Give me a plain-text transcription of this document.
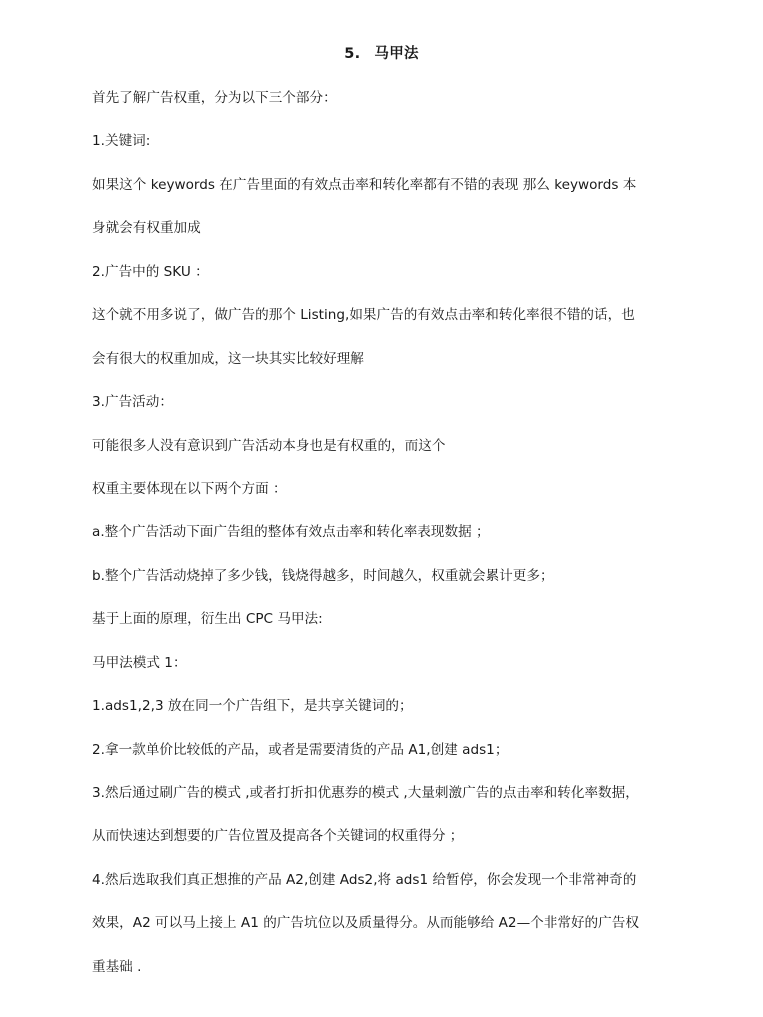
5. 马甲法
首先了解广告权重，分为以下三个部分：
1.关键词:
如果这个 keywords 在广告里面的有效点击率和转化率都有不错的表现 那么 keywords 本
身就会有权重加成
2.广告中的 SKU ：
这个就不用多说了，做广告的那个 Listing,如果广告的有效点击率和转化率很不错的话，也
会有很大的权重加成，这一块其实比较好理解
3.广告活动：
可能很多人没有意识到广告活动本身也是有权重的，而这个
权重主要体现在以下两个方面 ：
a.整个广告活动下面广告组的整体有效点击率和转化率表现数据 ；
b.整个广告活动烧掉了多少钱，钱烧得越多，时间越久，权重就会累计更多；
基于上面的原理，衍生出 CPC 马甲法:
马甲法模式 1：
1.ads1,2,3 放在同一个广告组下，是共享关键词的；
2.拿一款单价比较低的产品，或者是需要清货的产品 A1,创建 ads1；
3.然后通过刷广告的模式 ,或者打折扣优惠券的模式 ,大量刺激广告的点击率和转化率数据，
从而快速达到想要的广告位置及提高各个关键词的权重得分 ；
4.然后选取我们真正想推的产品 A2,创建 Ads2,将 ads1 给暂停，你会发现一个非常神奇的
效果，A2 可以马上接上 A1 的广告坑位以及质量得分。从而能够给 A2—个非常好的广告权
重基础 .
